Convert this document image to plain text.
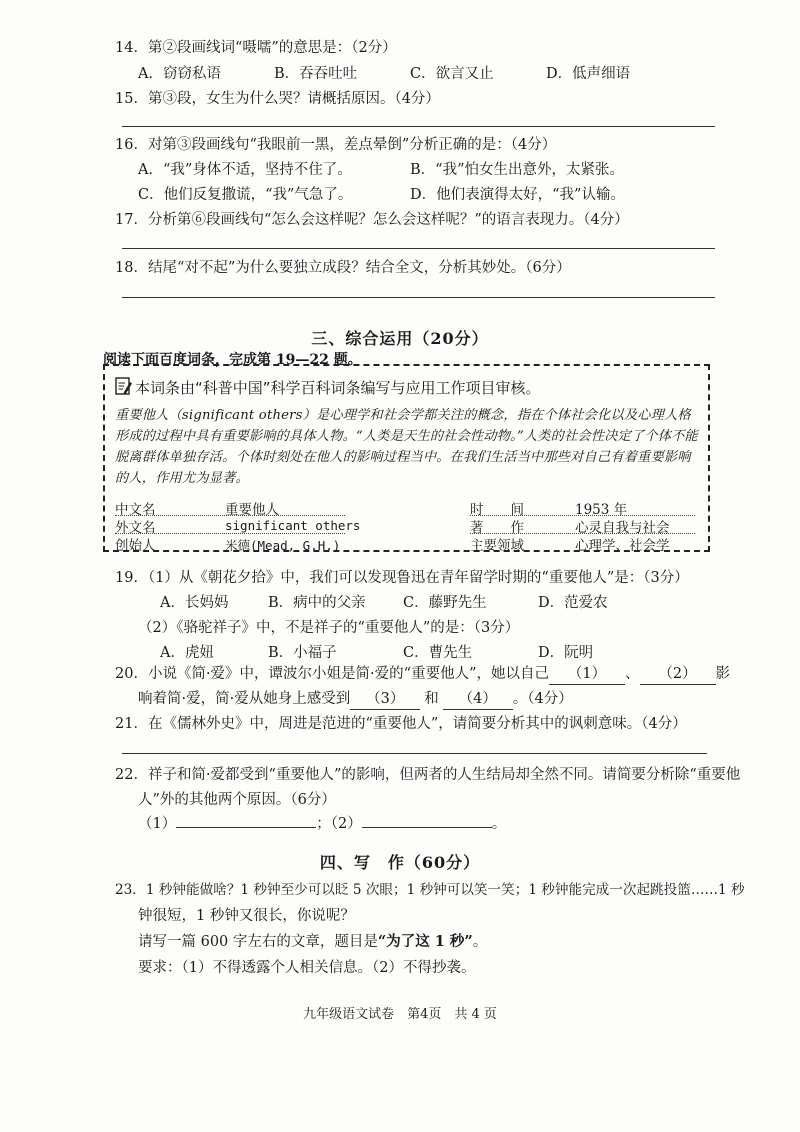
14．第②段画线词“嗫嚅”的意思是：（2分）
A．窃窃私语	B．吞吞吐吐	C．欲言又止	D．低声细语
15．第③段，女生为什么哭？请概括原因。（4分）
16．对第③段画线句“我眼前一黑，差点晕倒”分析正确的是：（4分）
A．“我”身体不适，坚持不住了。	B．“我”怕女生出意外，太紧张。
C．他们反复撒谎，“我”气急了。	D．他们表演得太好，“我”认输。
17．分析第⑥段画线句“怎么会这样呢？怎么会这样呢？”的语言表现力。（4分）
18．结尾“对不起”为什么要独立成段？结合全文，分析其妙处。（6分）
三、综合运用（20分）
阅读下面百度词条，完成第 19—22 题。
本词条由“科普中国”科学百科词条编写与应用工作项目审核。
重要他人（significant others）是心理学和社会学都关注的概念，指在个体社会化以及心理人格形成的过程中具有重要影响的具体人物。“人类是天生的社会性动物。”人类的社会性决定了个体不能脱离群体单独存活。个体时刻处在他人的影响过程当中。在我们生活当中那些对自己有着重要影响的人，作用尤为显著。
中文名	重要他人	时　　间	1953 年
外文名	significant others	著　　作	心灵自我与社会
创始人	米德(Mead, G.H.)	主要领域	心理学、社会学
19．（1）从《朝花夕拾》中，我们可以发现鲁迅在青年留学时期的“重要他人”是：（3分）
A．长妈妈	B．病中的父亲	C．藤野先生	D．范爱农
（2）《骆驼祥子》中，不是祥子的“重要他人”的是：（3分）
A．虎妞	B．小福子	C．曹先生	D．阮明
20．小说《简·爱》中，谭波尔小姐是简·爱的“重要他人”，她以自己 （1） 、 （2） 影
响着简·爱，简·爱从她身上感受到 （3） 和 （4） 。（4分）
21．在《儒林外史》中，周进是范进的“重要他人”，请简要分析其中的讽刺意味。（4分）
22．祥子和简·爱都受到“重要他人”的影响，但两者的人生结局却全然不同。请简要分析除“重要他
人”外的其他两个原因。（6分）
（1）	；（2）	。
四、写　作（60分）
23．1 秒钟能做啥？1 秒钟至少可以眨 5 次眼；1 秒钟可以笑一笑；1 秒钟能完成一次起跳投篮……1 秒
钟很短，1 秒钟又很长，你说呢？
请写一篇 600 字左右的文章，题目是“为了这 1 秒”。
要求：（1）不得透露个人相关信息。（2）不得抄袭。
九年级语文试卷　第4页　共 4 页
